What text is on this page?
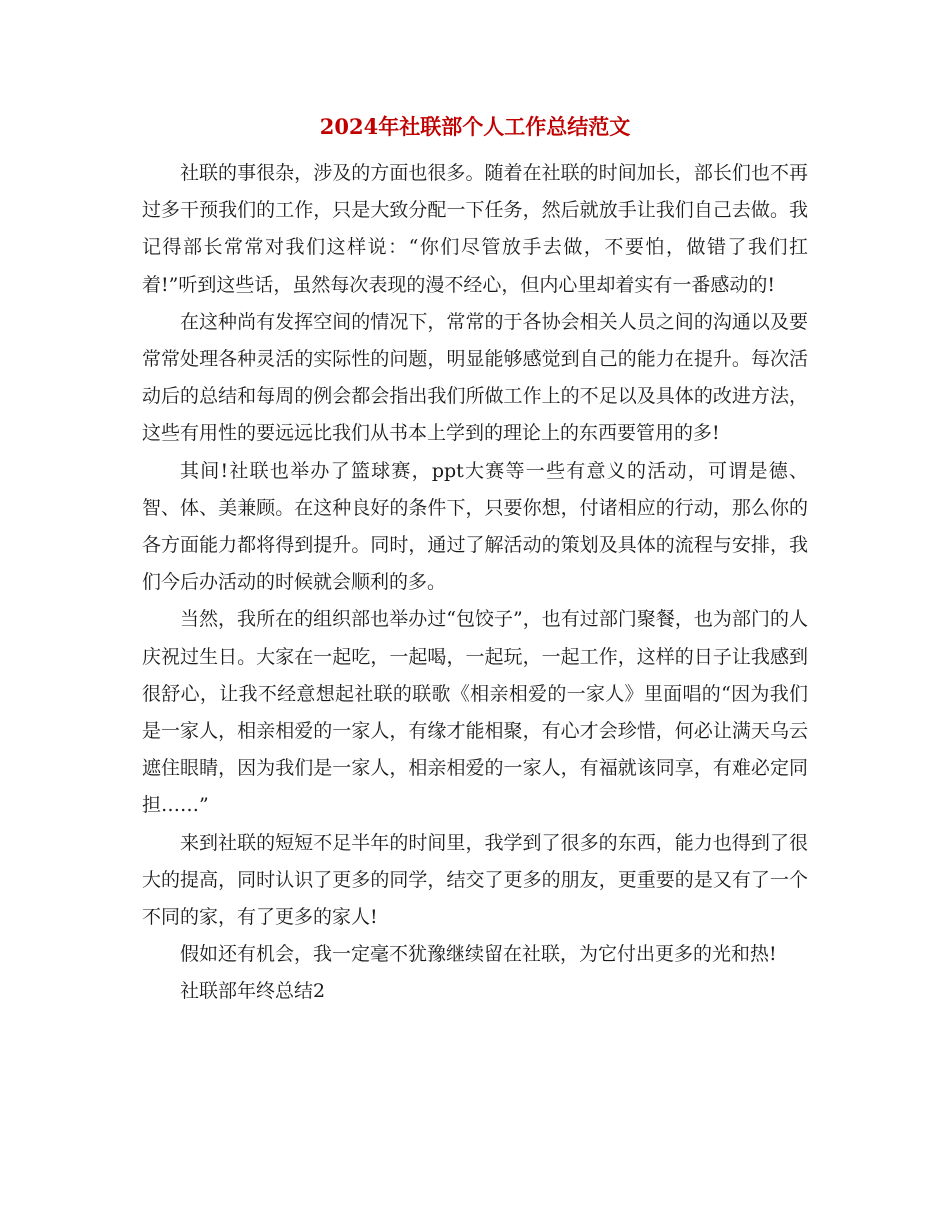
2024年社联部个人工作总结范文

社联的事很杂，涉及的方面也很多。随着在社联的时间加长，部长们也不再过多干预我们的工作，只是大致分配一下任务，然后就放手让我们自己去做。我记得部长常常对我们这样说：“你们尽管放手去做，不要怕，做错了我们扛着!”听到这些话，虽然每次表现的漫不经心，但内心里却着实有一番感动的!

在这种尚有发挥空间的情况下，常常的于各协会相关人员之间的沟通以及要常常处理各种灵活的实际性的问题，明显能够感觉到自己的能力在提升。每次活动后的总结和每周的例会都会指出我们所做工作上的不足以及具体的改进方法，这些有用性的要远远比我们从书本上学到的理论上的东西要管用的多!

其间!社联也举办了篮球赛，ppt大赛等一些有意义的活动，可谓是德、智、体、美兼顾。在这种良好的条件下，只要你想，付诸相应的行动，那么你的各方面能力都将得到提升。同时，通过了解活动的策划及具体的流程与安排，我们今后办活动的时候就会顺利的多。

当然，我所在的组织部也举办过“包饺子”，也有过部门聚餐，也为部门的人庆祝过生日。大家在一起吃，一起喝，一起玩，一起工作，这样的日子让我感到很舒心，让我不经意想起社联的联歌《相亲相爱的一家人》里面唱的“因为我们是一家人，相亲相爱的一家人，有缘才能相聚，有心才会珍惜，何必让满天乌云遮住眼睛，因为我们是一家人，相亲相爱的一家人，有福就该同享，有难必定同担……”

来到社联的短短不足半年的时间里，我学到了很多的东西，能力也得到了很大的提高，同时认识了更多的同学，结交了更多的朋友，更重要的是又有了一个不同的家，有了更多的家人!

假如还有机会，我一定毫不犹豫继续留在社联，为它付出更多的光和热!

社联部年终总结2
